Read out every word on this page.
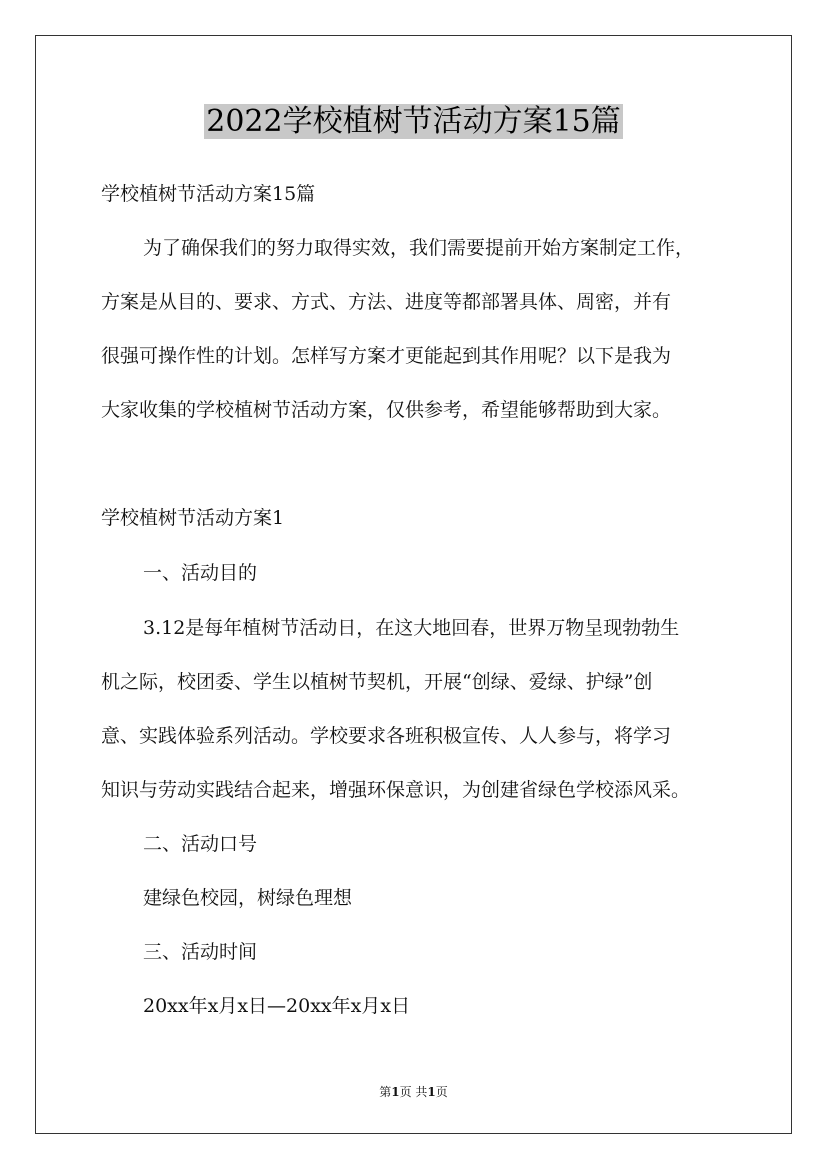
2022学校植树节活动方案15篇
学校植树节活动方案15篇
为了确保我们的努力取得实效，我们需要提前开始方案制定工作，
方案是从目的、要求、方式、方法、进度等都部署具体、周密，并有
很强可操作性的计划。怎样写方案才更能起到其作用呢？以下是我为
大家收集的学校植树节活动方案，仅供参考，希望能够帮助到大家。
学校植树节活动方案1
一、活动目的
3.12是每年植树节活动日，在这大地回春，世界万物呈现勃勃生
机之际，校团委、学生以植树节契机，开展“创绿、爱绿、护绿”创
意、实践体验系列活动。学校要求各班积极宣传、人人参与，将学习
知识与劳动实践结合起来，增强环保意识，为创建省绿色学校添风采。
二、活动口号
建绿色校园，树绿色理想
三、活动时间
20xx年x月x日—20xx年x月x日
第1页 共1页
